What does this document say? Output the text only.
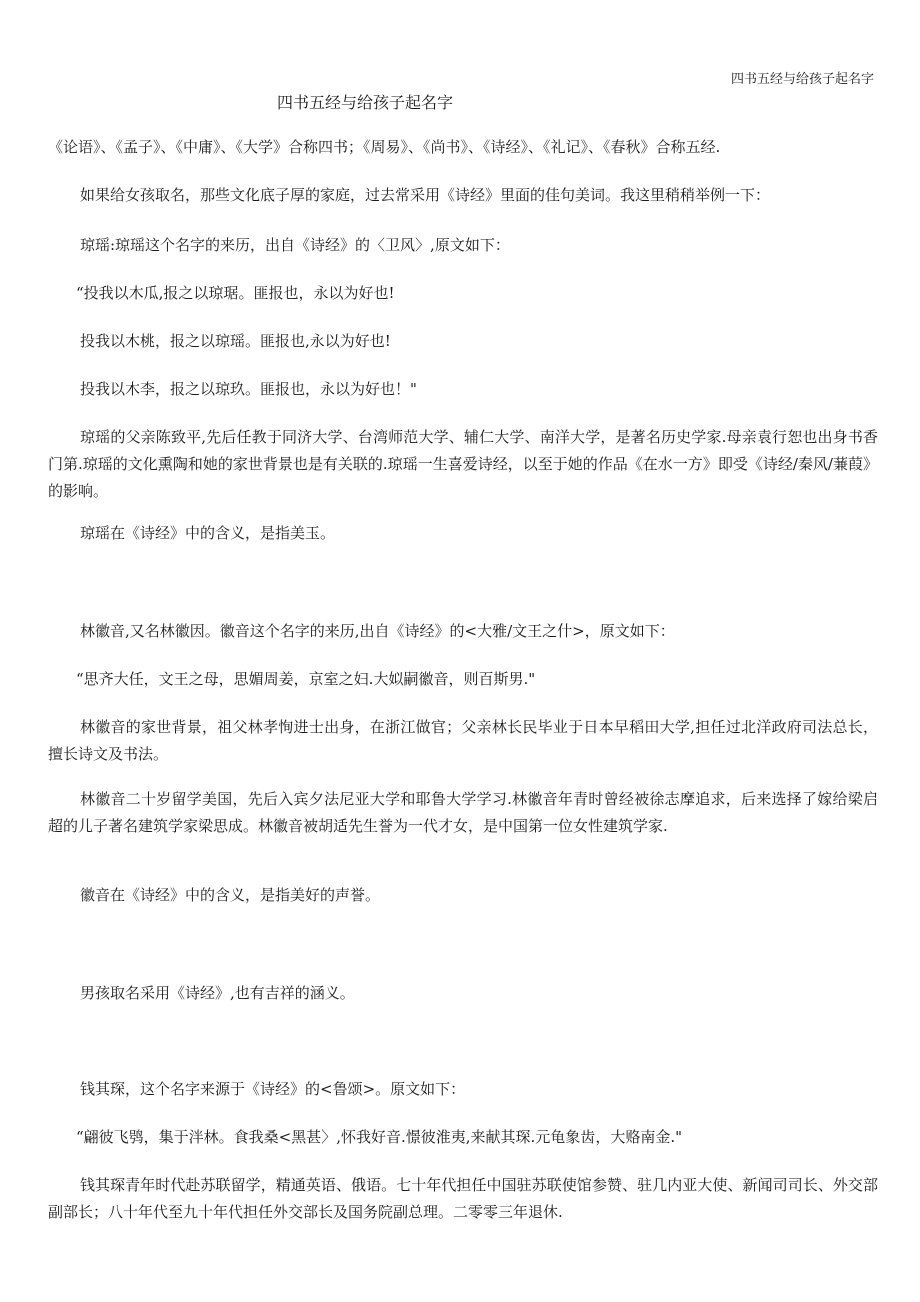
四书五经与给孩子起名字
四书五经与给孩子起名字
《论语》、《孟子》、《中庸》、《大学》合称四书；《周易》、《尚书》、《诗经》、《礼记》、《春秋》合称五经.
如果给女孩取名，那些文化底子厚的家庭，过去常采用《诗经》里面的佳句美词。我这里稍稍举例一下：
琼瑶:琼瑶这个名字的来历，出自《诗经》的〈卫风〉,原文如下：
“投我以木瓜,报之以琼琚。匪报也，永以为好也!
投我以木桃，报之以琼瑶。匪报也,永以为好也!
投我以木李，报之以琼玖。匪报也，永以为好也！"
琼瑶的父亲陈致平,先后任教于同济大学、台湾师范大学、辅仁大学、南洋大学，是著名历史学家.母亲袁行恕也出身书香门第.琼瑶的文化熏陶和她的家世背景也是有关联的.琼瑶一生喜爱诗经，以至于她的作品《在水一方》即受《诗经/秦风/蒹葭》的影响。
琼瑶在《诗经》中的含义，是指美玉。
林徽音,又名林徽因。徽音这个名字的来历,出自《诗经》的<大雅/文王之什>，原文如下：
“思齐大任，文王之母，思媚周姜，京室之妇.大姒嗣徽音，则百斯男."
林徽音的家世背景，祖父林孝恂进士出身，在浙江做官；父亲林长民毕业于日本早稻田大学,担任过北洋政府司法总长，擅长诗文及书法。
林徽音二十岁留学美国，先后入宾夕法尼亚大学和耶鲁大学学习.林徽音年青时曾经被徐志摩追求，后来选择了嫁给梁启超的儿子著名建筑学家梁思成。林徽音被胡适先生誉为一代才女，是中国第一位女性建筑学家.
徽音在《诗经》中的含义，是指美好的声誉。
男孩取名采用《诗经》,也有吉祥的涵义。
钱其琛，这个名字来源于《诗经》的<鲁颂>。原文如下：
“翩彼飞鸮，集于泮林。食我桑<黑甚〉,怀我好音.憬彼淮夷,来献其琛.元龟象齿，大赂南金."
钱其琛青年时代赴苏联留学，精通英语、俄语。七十年代担任中国驻苏联使馆参赞、驻几内亚大使、新闻司司长、外交部副部长；八十年代至九十年代担任外交部长及国务院副总理。二零零三年退休.
